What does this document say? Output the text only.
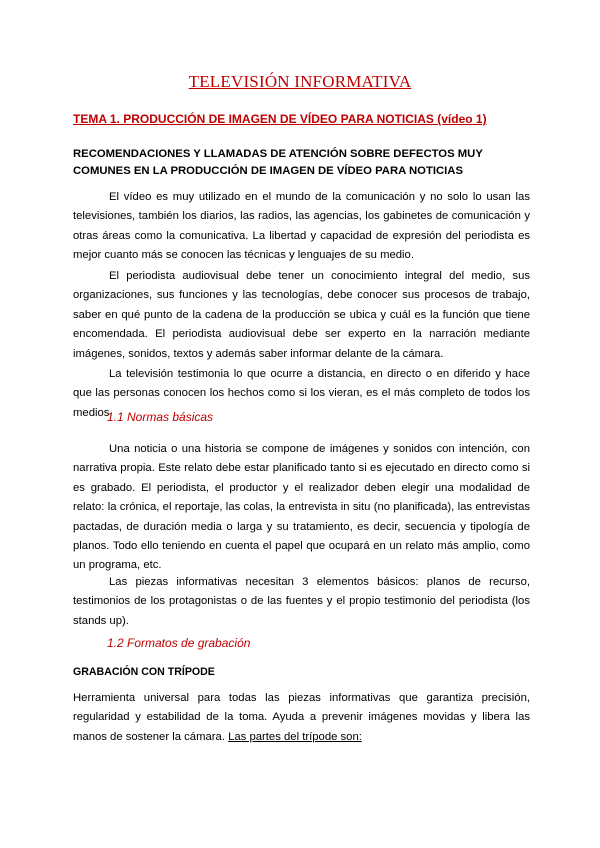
TELEVISIÓN INFORMATIVA
TEMA 1. PRODUCCIÓN DE IMAGEN DE VÍDEO PARA NOTICIAS (vídeo 1)
RECOMENDACIONES Y LLAMADAS DE ATENCIÓN SOBRE DEFECTOS MUY COMUNES EN LA PRODUCCIÓN DE IMAGEN DE VÍDEO PARA NOTICIAS

El vídeo es muy utilizado en el mundo de la comunicación y no solo lo usan las televisiones, también los diarios, las radios, las agencias, los gabinetes de comunicación y otras áreas como la comunicativa. La libertad y capacidad de expresión del periodista es mejor cuanto más se conocen las técnicas y lenguajes de su medio.

El periodista audiovisual debe tener un conocimiento integral del medio, sus organizaciones, sus funciones y las tecnologías, debe conocer sus procesos de trabajo, saber en qué punto de la cadena de la producción se ubica y cuál es la función que tiene encomendada. El periodista audiovisual debe ser experto en la narración mediante imágenes, sonidos, textos y además saber informar delante de la cámara.

La televisión testimonia lo que ocurre a distancia, en directo o en diferido y hace que las personas conocen los hechos como si los vieran, es el más completo de todos los medios.

1.1 Normas básicas

Una noticia o una historia se compone de imágenes y sonidos con intención, con narrativa propia. Este relato debe estar planificado tanto si es ejecutado en directo como si es grabado. El periodista, el productor y el realizador deben elegir una modalidad de relato: la crónica, el reportaje, las colas, la entrevista in situ (no planificada), las entrevistas pactadas, de duración media o larga y su tratamiento, es decir, secuencia y tipología de planos. Todo ello teniendo en cuenta el papel que ocupará en un relato más amplio, como un programa, etc.

Las piezas informativas necesitan 3 elementos básicos: planos de recurso, testimonios de los protagonistas o de las fuentes y el propio testimonio del periodista (los stands up).

1.2 Formatos de grabación
GRABACIÓN CON TRÍPODE

Herramienta universal para todas las piezas informativas que garantiza precisión, regularidad y estabilidad de la toma. Ayuda a prevenir imágenes movidas y libera las manos de sostener la cámara. Las partes del trípode son:
